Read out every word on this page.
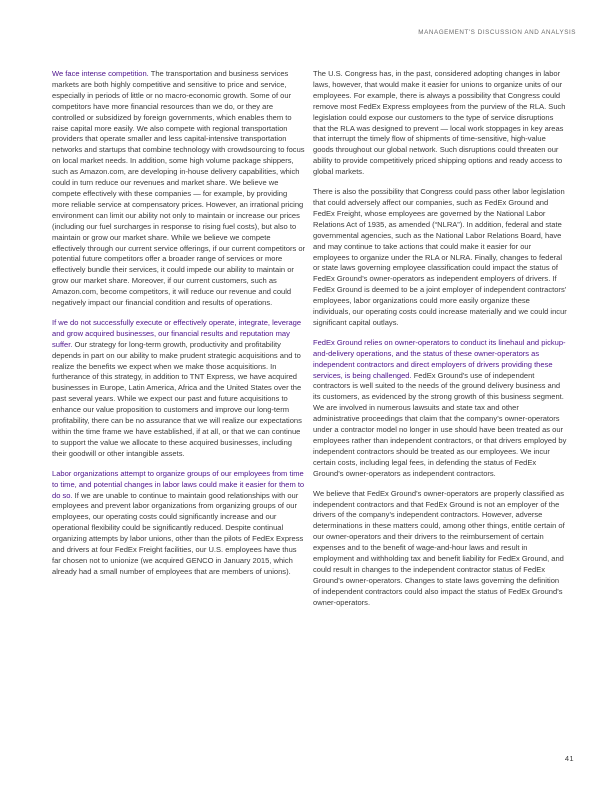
MANAGEMENT'S DISCUSSION AND ANALYSIS

We face intense competition. The transportation and business services markets are both highly competitive and sensitive to price and service, especially in periods of little or no macro-economic growth. Some of our competitors have more financial resources than we do, or they are controlled or subsidized by foreign governments, which enables them to raise capital more easily. We also compete with regional transportation providers that operate smaller and less capital-intensive transportation networks and startups that combine technology with crowdsourcing to focus on local market needs. In addition, some high volume package shippers, such as Amazon.com, are developing in-house delivery capabilities, which could in turn reduce our revenues and market share. We believe we compete effectively with these companies — for example, by providing more reliable service at compensatory prices. However, an irrational pricing environment can limit our ability not only to maintain or increase our prices (including our fuel surcharges in response to rising fuel costs), but also to maintain or grow our market share. While we believe we compete effectively through our current service offerings, if our current competitors or potential future competitors offer a broader range of services or more effectively bundle their services, it could impede our ability to maintain or grow our market share. Moreover, if our current customers, such as Amazon.com, become competitors, it will reduce our revenue and could negatively impact our financial condition and results of operations.

If we do not successfully execute or effectively operate, integrate, leverage and grow acquired businesses, our financial results and reputation may suffer. Our strategy for long-term growth, productivity and profitability depends in part on our ability to make prudent strategic acquisitions and to realize the benefits we expect when we make those acquisitions. In furtherance of this strategy, in addition to TNT Express, we have acquired businesses in Europe, Latin America, Africa and the United States over the past several years. While we expect our past and future acquisitions to enhance our value proposition to customers and improve our long-term profitability, there can be no assurance that we will realize our expectations within the time frame we have established, if at all, or that we can continue to support the value we allocate to these acquired businesses, including their goodwill or other intangible assets.

Labor organizations attempt to organize groups of our employees from time to time, and potential changes in labor laws could make it easier for them to do so. If we are unable to continue to maintain good relationships with our employees and prevent labor organizations from organizing groups of our employees, our operating costs could significantly increase and our operational flexibility could be significantly reduced. Despite continual organizing attempts by labor unions, other than the pilots of FedEx Express and drivers at four FedEx Freight facilities, our U.S. employees have thus far chosen not to unionize (we acquired GENCO in January 2015, which already had a small number of employees that are members of unions).

The U.S. Congress has, in the past, considered adopting changes in labor laws, however, that would make it easier for unions to organize units of our employees. For example, there is always a possibility that Congress could remove most FedEx Express employees from the purview of the RLA. Such legislation could expose our customers to the type of service disruptions that the RLA was designed to prevent — local work stoppages in key areas that interrupt the timely flow of shipments of time-sensitive, high-value goods throughout our global network. Such disruptions could threaten our ability to provide competitively priced shipping options and ready access to global markets.

There is also the possibility that Congress could pass other labor legislation that could adversely affect our companies, such as FedEx Ground and FedEx Freight, whose employees are governed by the National Labor Relations Act of 1935, as amended (“NLRA”). In addition, federal and state governmental agencies, such as the National Labor Relations Board, have and may continue to take actions that could make it easier for our employees to organize under the RLA or NLRA. Finally, changes to federal or state laws governing employee classification could impact the status of FedEx Ground’s owner-operators as independent employers of drivers. If FedEx Ground is deemed to be a joint employer of independent contractors’ employees, labor organizations could more easily organize these individuals, our operating costs could increase materially and we could incur significant capital outlays.

FedEx Ground relies on owner-operators to conduct its linehaul and pickup-and-delivery operations, and the status of these owner-operators as independent contractors and direct employers of drivers providing these services, is being challenged. FedEx Ground’s use of independent contractors is well suited to the needs of the ground delivery business and its customers, as evidenced by the strong growth of this business segment. We are involved in numerous lawsuits and state tax and other administrative proceedings that claim that the company’s owner-operators under a contractor model no longer in use should have been treated as our employees rather than independent contractors, or that drivers employed by independent contractors should be treated as our employees. We incur certain costs, including legal fees, in defending the status of FedEx Ground’s owner-operators as independent contractors.

We believe that FedEx Ground’s owner-operators are properly classified as independent contractors and that FedEx Ground is not an employer of the drivers of the company’s independent contractors. However, adverse determinations in these matters could, among other things, entitle certain of our owner-operators and their drivers to the reimbursement of certain expenses and to the benefit of wage-and-hour laws and result in employment and withholding tax and benefit liability for FedEx Ground, and could result in changes to the independent contractor status of FedEx Ground’s owner-operators. Changes to state laws governing the definition of independent contractors could also impact the status of FedEx Ground’s owner-operators.

41
